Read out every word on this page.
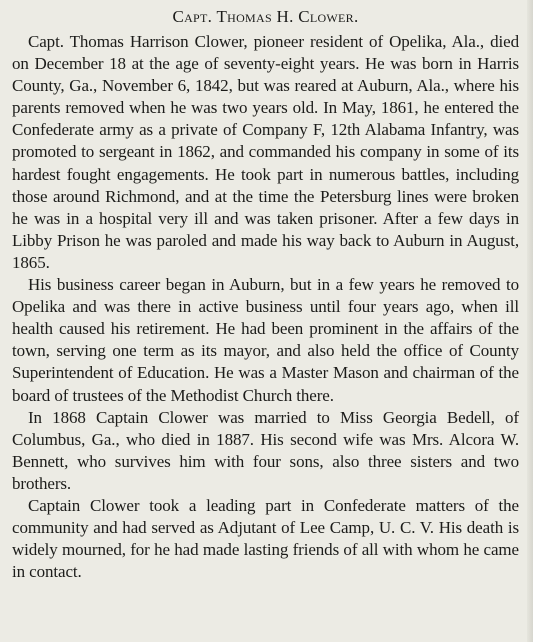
Capt. Thomas H. Clower.

Capt. Thomas Harrison Clower, pioneer resident of Opelika, Ala., died on December 18 at the age of seventy-eight years. He was born in Harris County, Ga., November 6, 1842, but was reared at Auburn, Ala., where his parents removed when he was two years old. In May, 1861, he entered the Confederate army as a private of Company F, 12th Alabama Infantry, was promoted to sergeant in 1862, and commanded his company in some of its hardest fought engagements. He took part in numerous battles, including those around Richmond, and at the time the Petersburg lines were broken he was in a hospital very ill and was taken prisoner. After a few days in Libby Prison he was paroled and made his way back to Auburn in August, 1865.

His business career began in Auburn, but in a few years he removed to Opelika and was there in active business until four years ago, when ill health caused his retirement. He had been prominent in the affairs of the town, serving one term as its mayor, and also held the office of County Superintendent of Education. He was a Master Mason and chairman of the board of trustees of the Methodist Church there.

In 1868 Captain Clower was married to Miss Georgia Bedell, of Columbus, Ga., who died in 1887. His second wife was Mrs. Alcora W. Bennett, who survives him with four sons, also three sisters and two brothers.

Captain Clower took a leading part in Confederate matters of the community and had served as Adjutant of Lee Camp, U. C. V. His death is widely mourned, for he had made lasting friends of all with whom he came in contact.
